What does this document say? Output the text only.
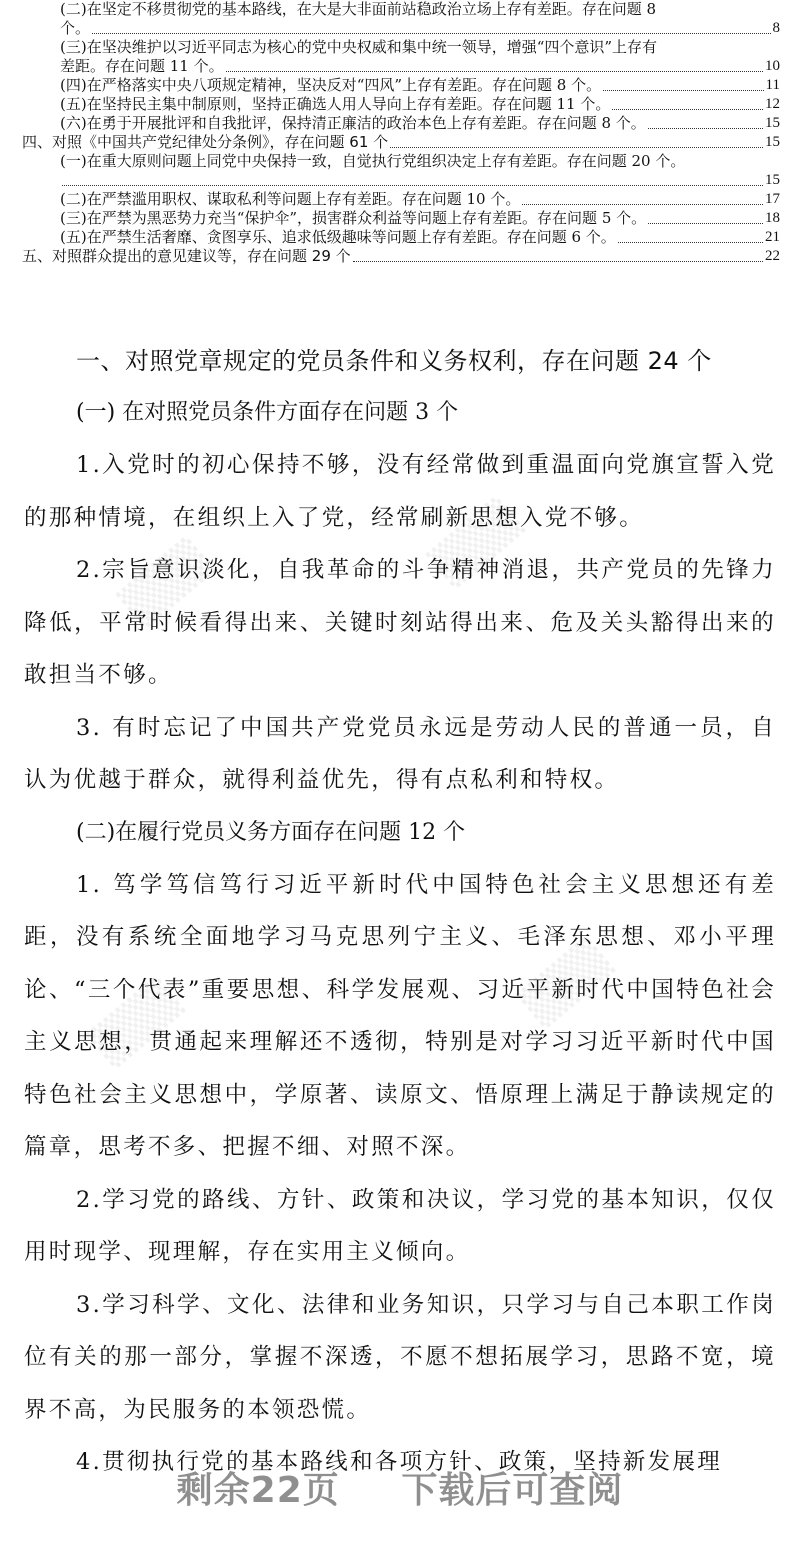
(二)在坚定不移贯彻党的基本路线，在大是大非面前站稳政治立场上存有差距。存在问题 8
个。	8
(三)在坚决维护以习近平同志为核心的党中央权威和集中统一领导，增强“四个意识”上存有
差距。存在问题 11 个。	10
(四)在严格落实中央八项规定精神，坚决反对“四风”上存有差距。存在问题 8 个。	11
(五)在坚持民主集中制原则，坚持正确选人用人导向上存有差距。存在问题 11 个。	12
(六)在勇于开展批评和自我批评，保持清正廉洁的政治本色上存有差距。存在问题 8 个。	15
四、对照《中国共产党纪律处分条例》，存在问题 61 个	15
(一)在重大原则问题上同党中央保持一致，自觉执行党组织决定上存有差距。存在问题 20 个。
15
(二)在严禁滥用职权、谋取私利等问题上存有差距。存在问题 10 个。	17
(三)在严禁为黑恶势力充当“保护伞”，损害群众利益等问题上存有差距。存在问题 5 个。	18
(五)在严禁生活奢靡、贪图享乐、追求低级趣味等问题上存有差距。存在问题 6 个。	21
五、对照群众提出的意见建议等，存在问题 29 个	22
▒▒▒	▒▒▒
▒▒▒	▒▒▒

一、对照党章规定的党员条件和义务权利，存在问题 24 个

(一) 在对照党员条件方面存在问题 3 个

1.入党时的初心保持不够，没有经常做到重温面向党旗宣誓入党的那种情境，在组织上入了党，经常刷新思想入党不够。

2.宗旨意识淡化，自我革命的斗争精神消退，共产党员的先锋力降低，平常时候看得出来、关键时刻站得出来、危及关头豁得出来的敢担当不够。

3. 有时忘记了中国共产党党员永远是劳动人民的普通一员，自认为优越于群众，就得利益优先，得有点私利和特权。

(二)在履行党员义务方面存在问题 12 个

1. 笃学笃信笃行习近平新时代中国特色社会主义思想还有差距，没有系统全面地学习马克思列宁主义、毛泽东思想、邓小平理论、“三个代表”重要思想、科学发展观、习近平新时代中国特色社会主义思想，贯通起来理解还不透彻，特别是对学习习近平新时代中国特色社会主义思想中，学原著、读原文、悟原理上满足于静读规定的篇章，思考不多、把握不细、对照不深。

2.学习党的路线、方针、政策和决议，学习党的基本知识，仅仅用时现学、现理解，存在实用主义倾向。

3.学习科学、文化、法律和业务知识，只学习与自己本职工作岗位有关的那一部分，掌握不深透，不愿不想拓展学习，思路不宽，境界不高，为民服务的本领恐慌。

4.贯彻执行党的基本路线和各项方针、政策，坚持新发展理

剩余22页 下载后可查阅
